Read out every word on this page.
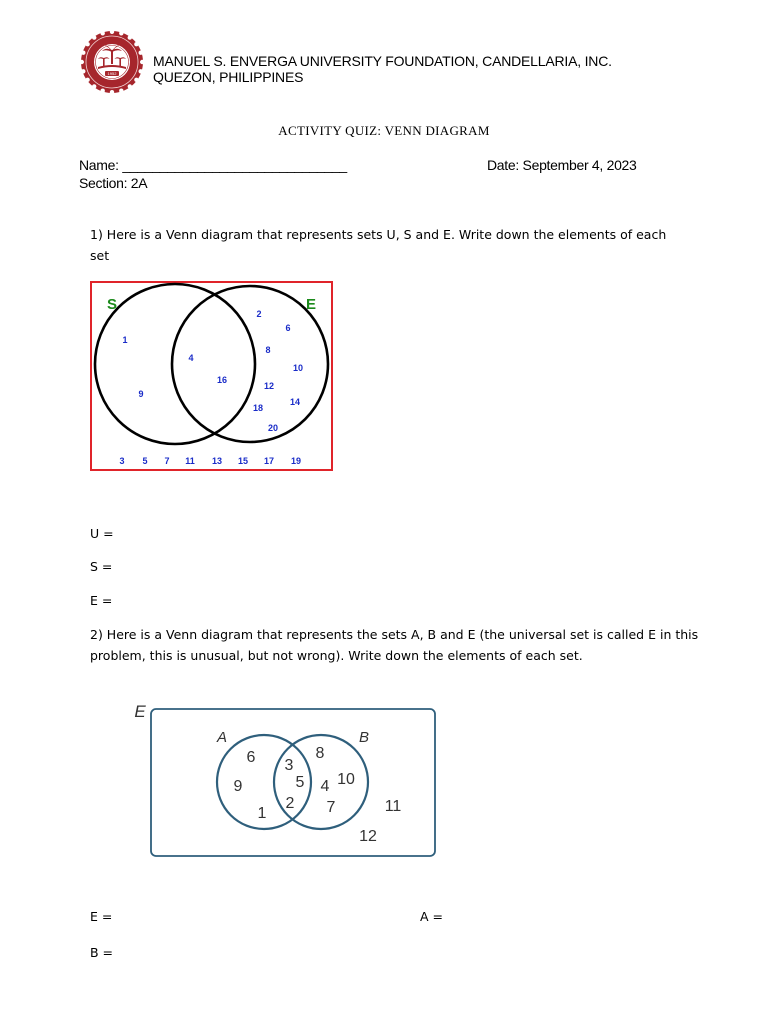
1952
MANUEL S. ENVERGA UNIVERSITY FOUNDATION, CANDELLARIA, INC.
QUEZON, PHILIPPINES
ACTIVITY QUIZ: VENN DIAGRAM
Name: ______________________________
Section: 2A
Date: September 4, 2023
1) Here is a Venn diagram that represents sets U, S and E. Write down the elements of each
set
S	E
1
9
4
16
2
6
8
10
12
14
18
20
3 5 7 11 13 15 17 19
U =
S =
E =
2) Here is a Venn diagram that represents the sets A, B and E (the universal set is called E in this
problem, this is unusual, but not wrong). Write down the elements of each set.
E
A	B
6
9
1
3
5
2
8
4 10
7	11
12
E =	A =
B =
